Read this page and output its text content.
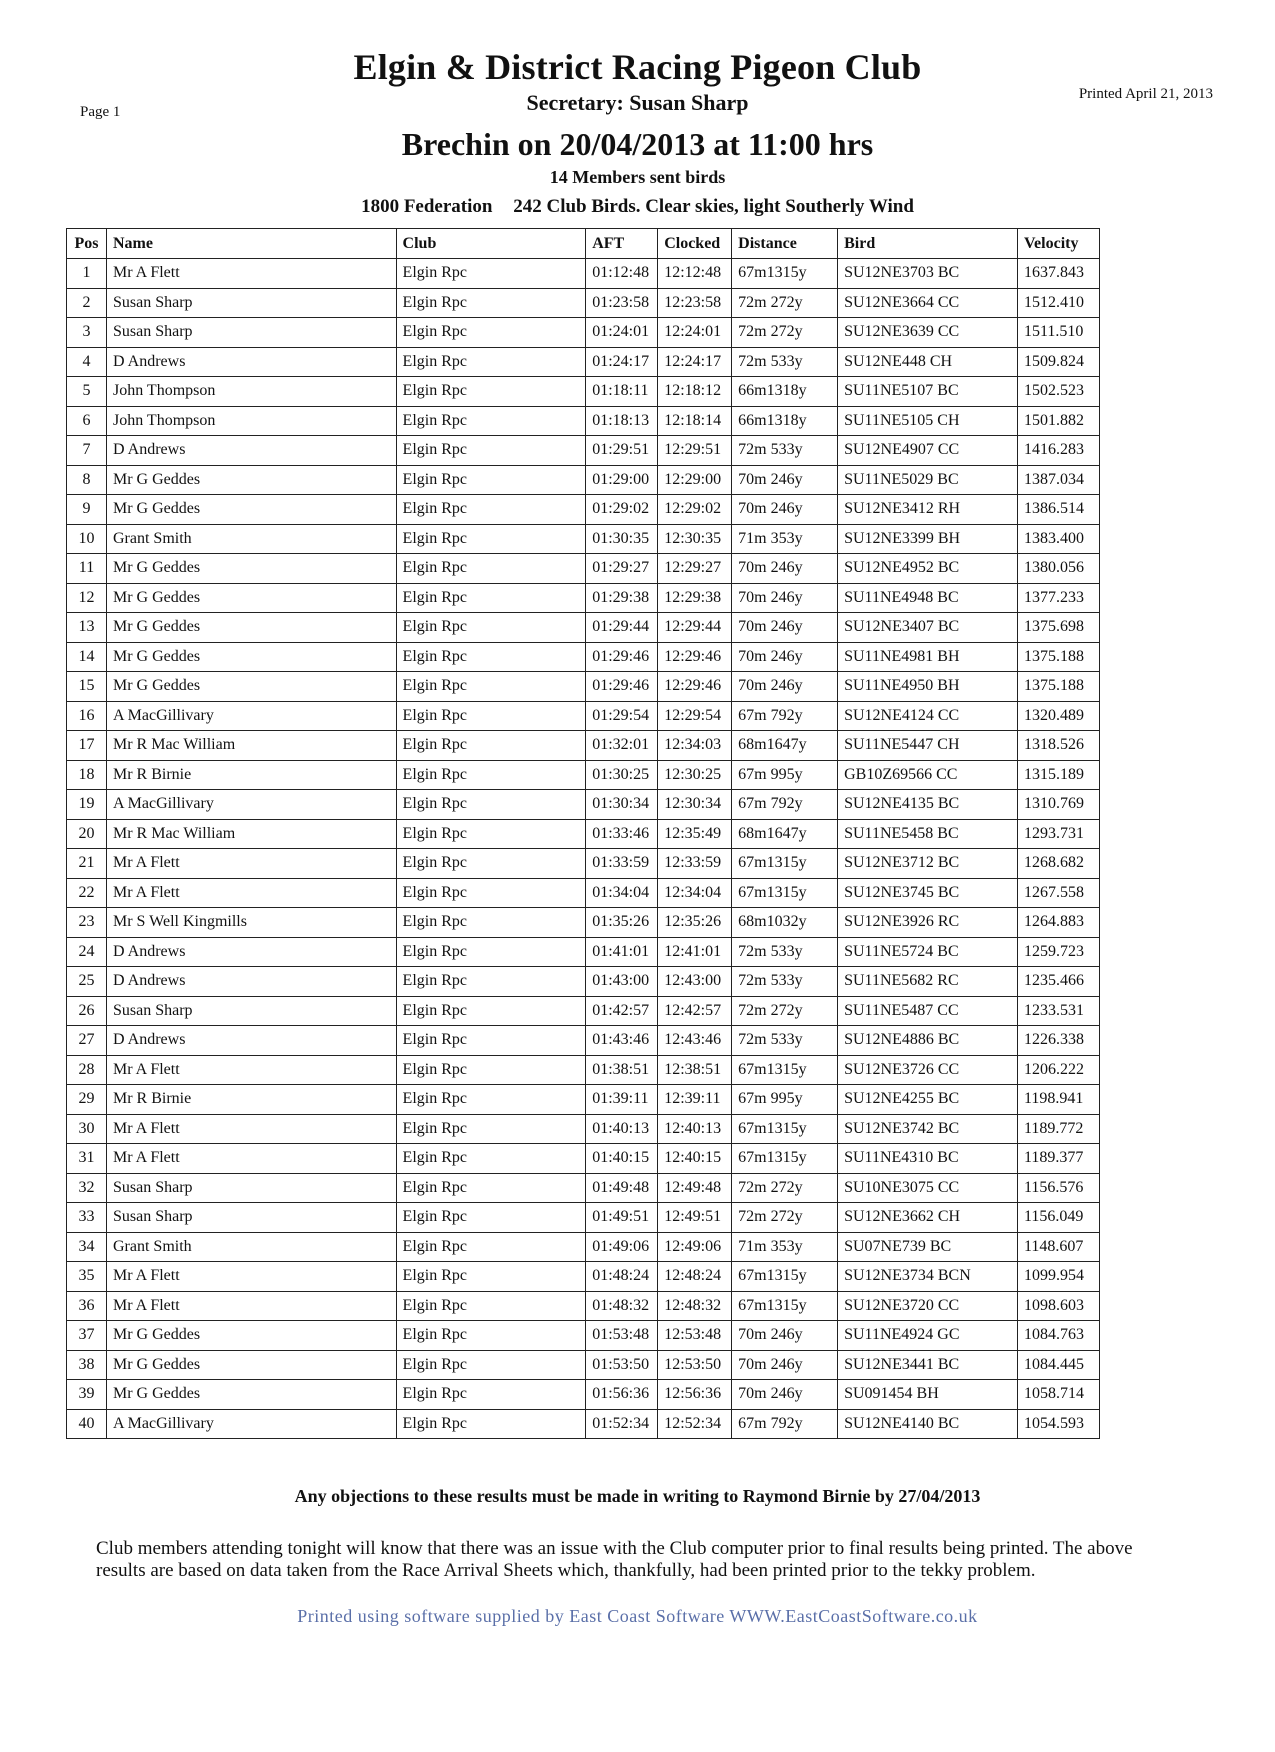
Page 1
Printed April 21, 2013
Elgin & District Racing Pigeon Club
Secretary: Susan Sharp
Brechin on 20/04/2013 at 11:00 hrs
14 Members sent birds
1800 Federation 242 Club Birds. Clear skies, light Southerly Wind
Pos	Name	Club	AFT	Clocked	Distance	Bird	Velocity
1	Mr A Flett	Elgin Rpc	01:12:48	12:12:48	67m1315y	SU12NE3703 BC	1637.843
2	Susan Sharp	Elgin Rpc	01:23:58	12:23:58	72m 272y	SU12NE3664 CC	1512.410
3	Susan Sharp	Elgin Rpc	01:24:01	12:24:01	72m 272y	SU12NE3639 CC	1511.510
4	D Andrews	Elgin Rpc	01:24:17	12:24:17	72m 533y	SU12NE448 CH	1509.824
5	John Thompson	Elgin Rpc	01:18:11	12:18:12	66m1318y	SU11NE5107 BC	1502.523
6	John Thompson	Elgin Rpc	01:18:13	12:18:14	66m1318y	SU11NE5105 CH	1501.882
7	D Andrews	Elgin Rpc	01:29:51	12:29:51	72m 533y	SU12NE4907 CC	1416.283
8	Mr G Geddes	Elgin Rpc	01:29:00	12:29:00	70m 246y	SU11NE5029 BC	1387.034
9	Mr G Geddes	Elgin Rpc	01:29:02	12:29:02	70m 246y	SU12NE3412 RH	1386.514
10	Grant Smith	Elgin Rpc	01:30:35	12:30:35	71m 353y	SU12NE3399 BH	1383.400
11	Mr G Geddes	Elgin Rpc	01:29:27	12:29:27	70m 246y	SU12NE4952 BC	1380.056
12	Mr G Geddes	Elgin Rpc	01:29:38	12:29:38	70m 246y	SU11NE4948 BC	1377.233
13	Mr G Geddes	Elgin Rpc	01:29:44	12:29:44	70m 246y	SU12NE3407 BC	1375.698
14	Mr G Geddes	Elgin Rpc	01:29:46	12:29:46	70m 246y	SU11NE4981 BH	1375.188
15	Mr G Geddes	Elgin Rpc	01:29:46	12:29:46	70m 246y	SU11NE4950 BH	1375.188
16	A MacGillivary	Elgin Rpc	01:29:54	12:29:54	67m 792y	SU12NE4124 CC	1320.489
17	Mr R Mac William	Elgin Rpc	01:32:01	12:34:03	68m1647y	SU11NE5447 CH	1318.526
18	Mr R Birnie	Elgin Rpc	01:30:25	12:30:25	67m 995y	GB10Z69566 CC	1315.189
19	A MacGillivary	Elgin Rpc	01:30:34	12:30:34	67m 792y	SU12NE4135 BC	1310.769
20	Mr R Mac William	Elgin Rpc	01:33:46	12:35:49	68m1647y	SU11NE5458 BC	1293.731
21	Mr A Flett	Elgin Rpc	01:33:59	12:33:59	67m1315y	SU12NE3712 BC	1268.682
22	Mr A Flett	Elgin Rpc	01:34:04	12:34:04	67m1315y	SU12NE3745 BC	1267.558
23	Mr S Well Kingmills	Elgin Rpc	01:35:26	12:35:26	68m1032y	SU12NE3926 RC	1264.883
24	D Andrews	Elgin Rpc	01:41:01	12:41:01	72m 533y	SU11NE5724 BC	1259.723
25	D Andrews	Elgin Rpc	01:43:00	12:43:00	72m 533y	SU11NE5682 RC	1235.466
26	Susan Sharp	Elgin Rpc	01:42:57	12:42:57	72m 272y	SU11NE5487 CC	1233.531
27	D Andrews	Elgin Rpc	01:43:46	12:43:46	72m 533y	SU12NE4886 BC	1226.338
28	Mr A Flett	Elgin Rpc	01:38:51	12:38:51	67m1315y	SU12NE3726 CC	1206.222
29	Mr R Birnie	Elgin Rpc	01:39:11	12:39:11	67m 995y	SU12NE4255 BC	1198.941
30	Mr A Flett	Elgin Rpc	01:40:13	12:40:13	67m1315y	SU12NE3742 BC	1189.772
31	Mr A Flett	Elgin Rpc	01:40:15	12:40:15	67m1315y	SU11NE4310 BC	1189.377
32	Susan Sharp	Elgin Rpc	01:49:48	12:49:48	72m 272y	SU10NE3075 CC	1156.576
33	Susan Sharp	Elgin Rpc	01:49:51	12:49:51	72m 272y	SU12NE3662 CH	1156.049
34	Grant Smith	Elgin Rpc	01:49:06	12:49:06	71m 353y	SU07NE739 BC	1148.607
35	Mr A Flett	Elgin Rpc	01:48:24	12:48:24	67m1315y	SU12NE3734 BCN	1099.954
36	Mr A Flett	Elgin Rpc	01:48:32	12:48:32	67m1315y	SU12NE3720 CC	1098.603
37	Mr G Geddes	Elgin Rpc	01:53:48	12:53:48	70m 246y	SU11NE4924 GC	1084.763
38	Mr G Geddes	Elgin Rpc	01:53:50	12:53:50	70m 246y	SU12NE3441 BC	1084.445
39	Mr G Geddes	Elgin Rpc	01:56:36	12:56:36	70m 246y	SU091454 BH	1058.714
40	A MacGillivary	Elgin Rpc	01:52:34	12:52:34	67m 792y	SU12NE4140 BC	1054.593
Any objections to these results must be made in writing to Raymond Birnie by 27/04/2013
Club members attending tonight will know that there was an issue with the Club computer prior to final results being printed. The above results are based on data taken from the Race Arrival Sheets which, thankfully, had been printed prior to the tekky problem.
Printed using software supplied by East Coast Software WWW.EastCoastSoftware.co.uk
